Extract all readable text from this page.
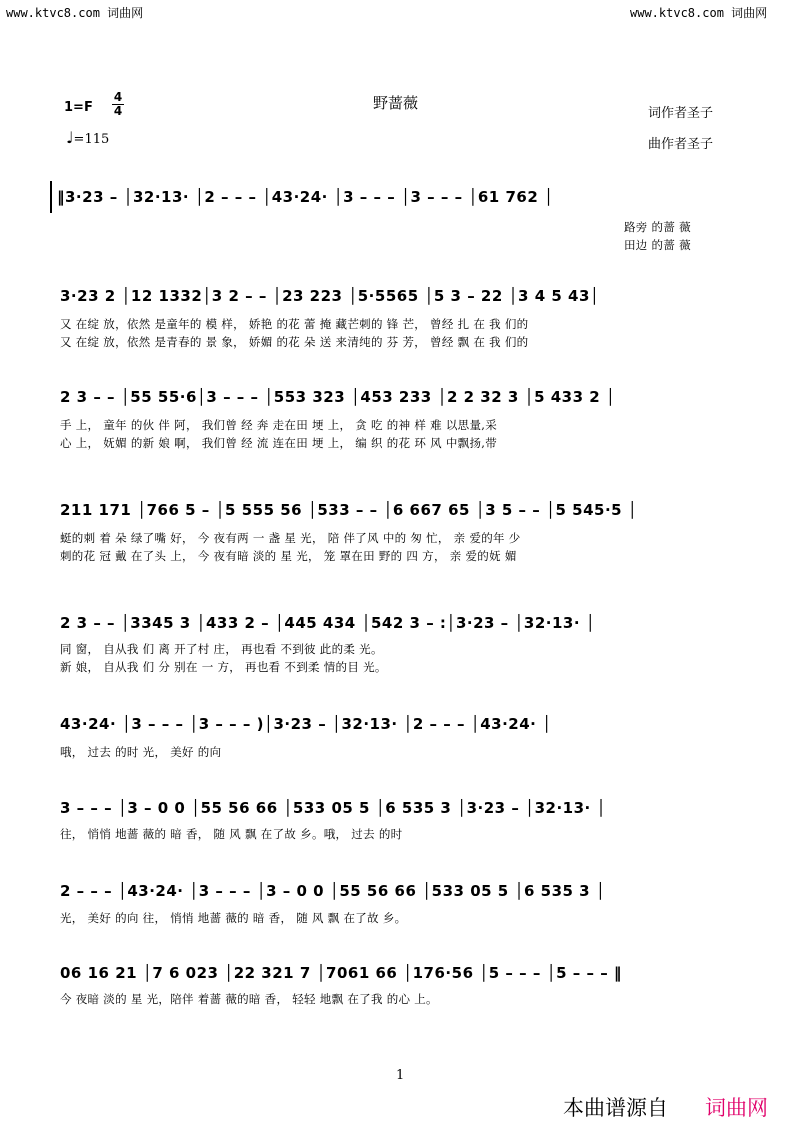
www.ktvc8.com 词曲网	www.ktvc8.com 词曲网
野蔷薇
$1=F \frac{4}{4}$
♩=115
词作者圣子
曲作者圣子
‖3·23 – │32·13· │2 – – – │43·24· │3 – – – │3 – – – │61 762 │
路旁 的蔷 薇
田边 的蔷 薇
3·23 2 │12 1332│3 2 – – │23 223 │5·5565 │5 3 – 22 │3 4 5 43│
又 在绽 放，依然 是童年的 模 样， 娇艳 的花 蕾 掩 藏芒刺的 锋 芒， 曾经 扎 在 我 们的
又 在绽 放，依然 是青春的 景 象， 娇媚 的花 朵 送 来清纯的 芬 芳， 曾经 飘 在 我 们的
2 3 – – │55 55·6│3 – – – │553 323 │453 233 │2 2 32 3 │5 433 2 │
手 上， 童年 的伙 伴 阿， 我们曾 经 奔 走在田 埂 上， 贪 吃 的神 样 难 以思量,采
心 上， 妩媚 的新 娘 啊， 我们曾 经 流 连在田 埂 上， 编 织 的花 环 风 中飘扬,带
211 171 │766 5 – │5 555 56 │533 – – │6 667 65 │3 5 – – │5 545·5 │
蜓的刺 着 朵 绿了嘴 好， 今 夜有两 一 盏 星 光， 陪 伴了风 中的 匆 忙， 亲 爱的年 少
刺的花 冠 戴 在了头 上， 今 夜有暗 淡的 星 光， 笼 罩在田 野的 四 方， 亲 爱的妩 媚
2 3 – – │3345 3 │433 2 – │445 434 │542 3 – :│3·23 – │32·13· │
同 窗， 自从我 们 离 开了村 庄， 再也看 不到彼 此的柔 光。
新 娘， 自从我 们 分 别在 一 方， 再也看 不到柔 情的目 光。
43·24· │3 – – – │3 – – – )│3·23 – │32·13· │2 – – – │43·24· │
哦， 过去 的时 光， 美好 的向
3 – – – │3 – 0 0 │55 56 66 │533 05 5 │6 535 3 │3·23 – │32·13· │
往， 悄悄 地蔷 薇的 暗 香， 随 风 飘 在了故 乡。哦， 过去 的时
2 – – – │43·24· │3 – – – │3 – 0 0 │55 56 66 │533 05 5 │6 535 3 │
光， 美好 的向 往， 悄悄 地蔷 薇的 暗 香， 随 风 飘 在了故 乡。
06 16 21 │7 6 023 │22 321 7 │7061 66 │176·56 │5 – – – │5 – – – ‖
今 夜暗 淡的 星 光，陪伴 着蔷 薇的暗 香， 轻轻 地飘 在了我 的心 上。
1
本曲谱源自 词曲网
